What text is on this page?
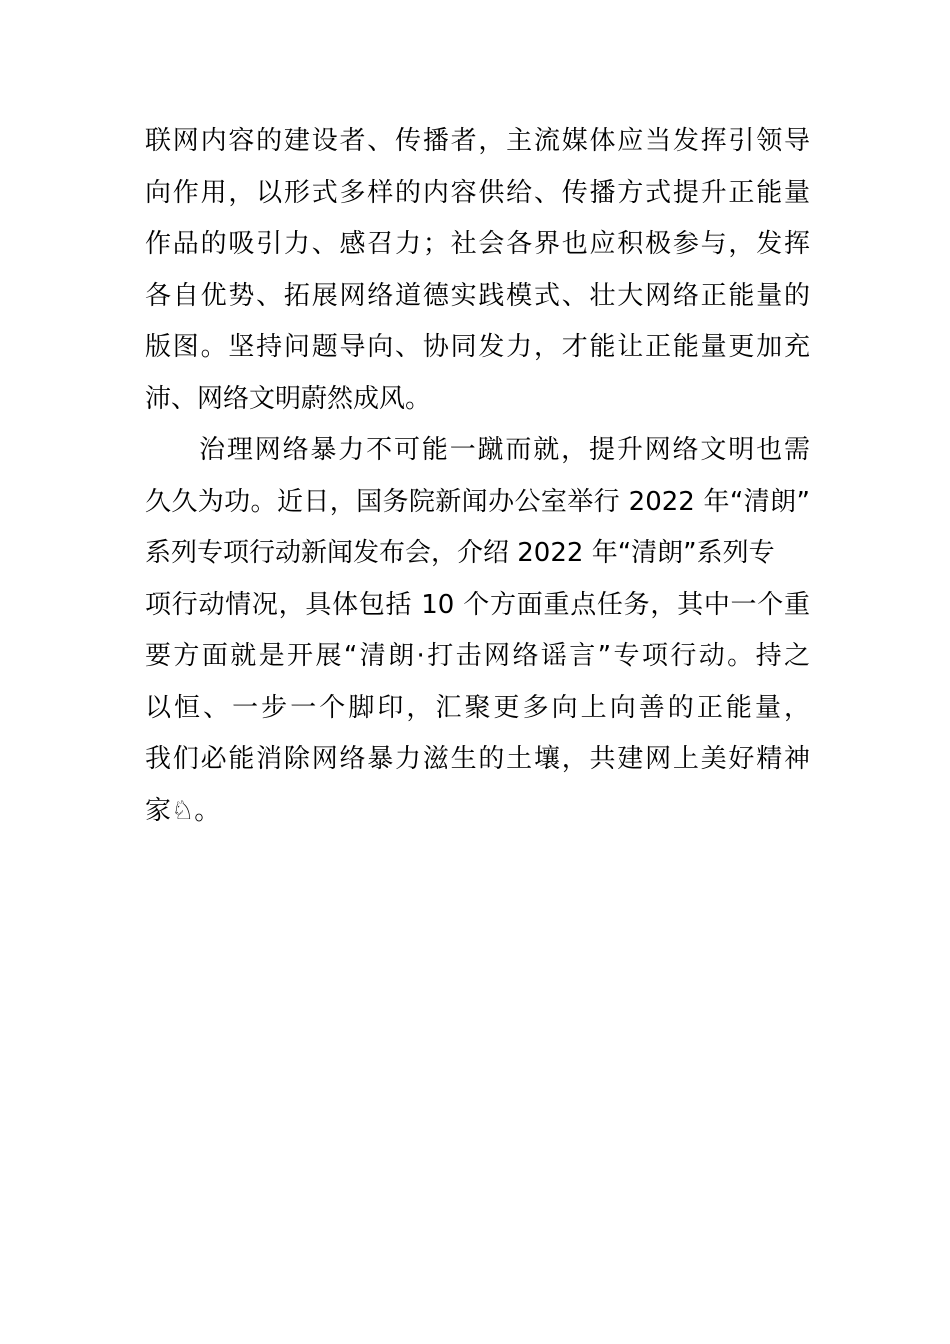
联网内容的建设者、传播者，主流媒体应当发挥引领导
向作用，以形式多样的内容供给、传播方式提升正能量
作品的吸引力、感召力；社会各界也应积极参与，发挥
各自优势、拓展网络道德实践模式、壮大网络正能量的
版图。坚持问题导向、协同发力，才能让正能量更加充
沛、网络文明蔚然成风。
治理网络暴力不可能一蹴而就，提升网络文明也需
久久为功。近日，国务院新闻办公室举行 2022 年“清朗”
系列专项行动新闻发布会，介绍 2022 年“清朗”系列专
项行动情况，具体包括 10 个方面重点任务，其中一个重
要方面就是开展“清朗·打击网络谣言”专项行动。持之
以恒、一步一个脚印，汇聚更多向上向善的正能量，
我们必能消除网络暴力滋生的土壤，共建网上美好精神
家♘。
